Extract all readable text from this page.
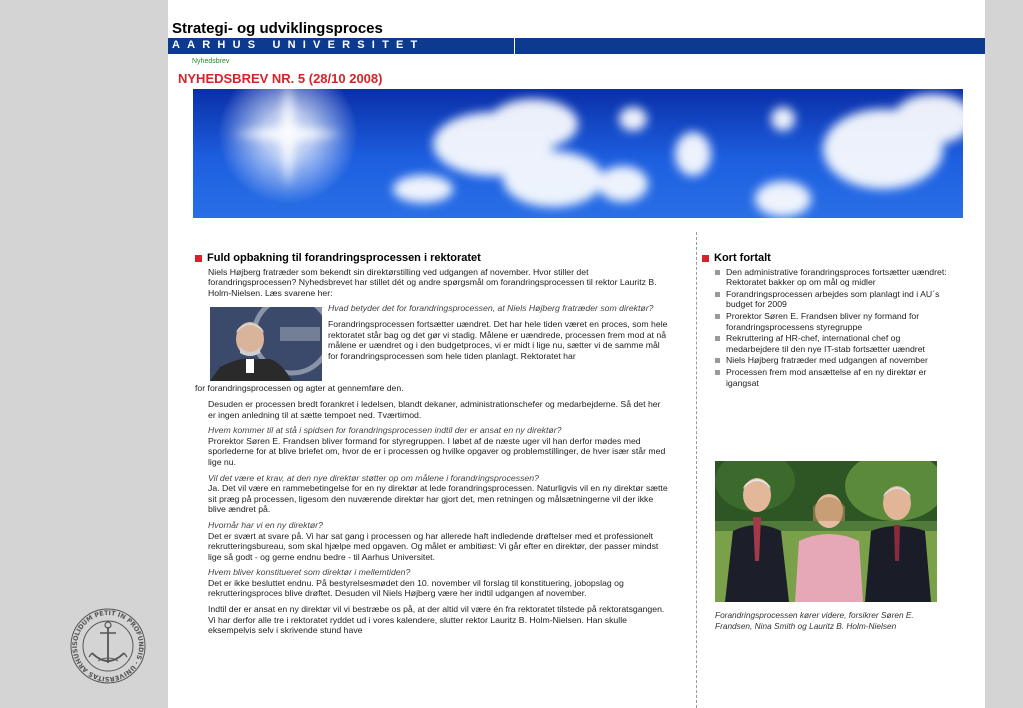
Strategi- og udviklingsproces
AARHUS UNIVERSITET
Nyhedsbrev
NYHEDSBREV NR. 5 (28/10 2008)
Fuld opbakning til forandringsprocessen i rektoratet

Niels Højberg fratræder som bekendt sin direktørstilling ved udgangen af november. Hvor stiller det forandringsprocessen? Nyhedsbrevet har stillet dét og andre spørgsmål om forandringsprocessen til rektor Lauritz B. Holm-Nielsen. Læs svarene her:

Hvad betyder det for forandringsprocessen, at Niels Højberg fratræder som direktør?

Forandringsprocessen fortsætter uændret. Det har hele tiden været en proces, som hele rektoratet står bag og det gør vi stadig. Målene er uændrede, processen frem mod at nå målene er uændret og i den budgetproces, vi er midt i lige nu, sætter vi de samme mål for forandringsprocessen som hele tiden planlagt. Rektoratet har

for forandringsprocessen og agter at gennemføre den.

Desuden er processen bredt forankret i ledelsen, blandt dekaner, administrationschefer og medarbejderne. Så det her er ingen anledning til at sætte tempoet ned. Tværtimod.

Hvem kommer til at stå i spidsen for forandringsprocessen indtil der er ansat en ny direktør?

Prorektor Søren E. Frandsen bliver formand for styregruppen. I løbet af de næste uger vil han derfor mødes med sporlederne for at blive briefet om, hvor de er i processen og hvilke opgaver og problemstillinger, de hver især står med lige nu.

Vil det være et krav, at den nye direktør støtter op om målene i forandringsprocessen?

Ja. Det vil være en rammebetingelse for en ny direktør at lede forandringsprocessen. Naturligvis vil en ny direktør sætte sit præg på processen, ligesom den nuværende direktør har gjort det, men retningen og målsætningerne vil der ikke blive ændret på.

Hvornår har vi en ny direktør?

Det er svært at svare på. Vi har sat gang i processen og har allerede haft indledende drøftelser med et professionelt rekrutteringsbureau, som skal hjælpe med opgaven. Og målet er ambitiøst: Vi går efter en direktør, der passer mindst lige så godt - og gerne endnu bedre - til Aarhus Universitet.

Hvem bliver konstitueret som direktør i mellemtiden?

Det er ikke besluttet endnu. På bestyrelsesmødet den 10. november vil forslag til konstituering, jobopslag og rekrutteringsproces blive drøftet. Desuden vil Niels Højberg være her indtil udgangen af november.

Indtil der er ansat en ny direktør vil vi bestræbe os på, at der altid vil være én fra rektoratet tilstede på rektoratsgangen. Vi har derfor alle tre i rektoratet ryddet ud i vores kalendere, slutter rektor Lauritz B. Holm-Nielsen. Han skulle eksempelvis selv i skrivende stund have

Kort fortalt
Den administrative forandringsproces fortsætter uændret: Rektoratet bakker op om mål og midler
Forandringsprocessen arbejdes som planlagt ind i AU´s budget for 2009
Prorektor Søren E. Frandsen bliver ny formand for forandringsprocessens styregruppe
Rekruttering af HR-chef, international chef og medarbejdere til den nye IT-stab fortsætter uændret
Niels Højberg fratræder med udgangen af november
Processen frem mod ansættelse af en ny direktør er igangsat
Forandringsprocessen kører videre, forsikrer Søren E. Frandsen, Nina Smith og Lauritz B. Holm-Nielsen
SOLIDUM PETIT IN PROFUNDIS · UNIVERSITAS ARHUSI
